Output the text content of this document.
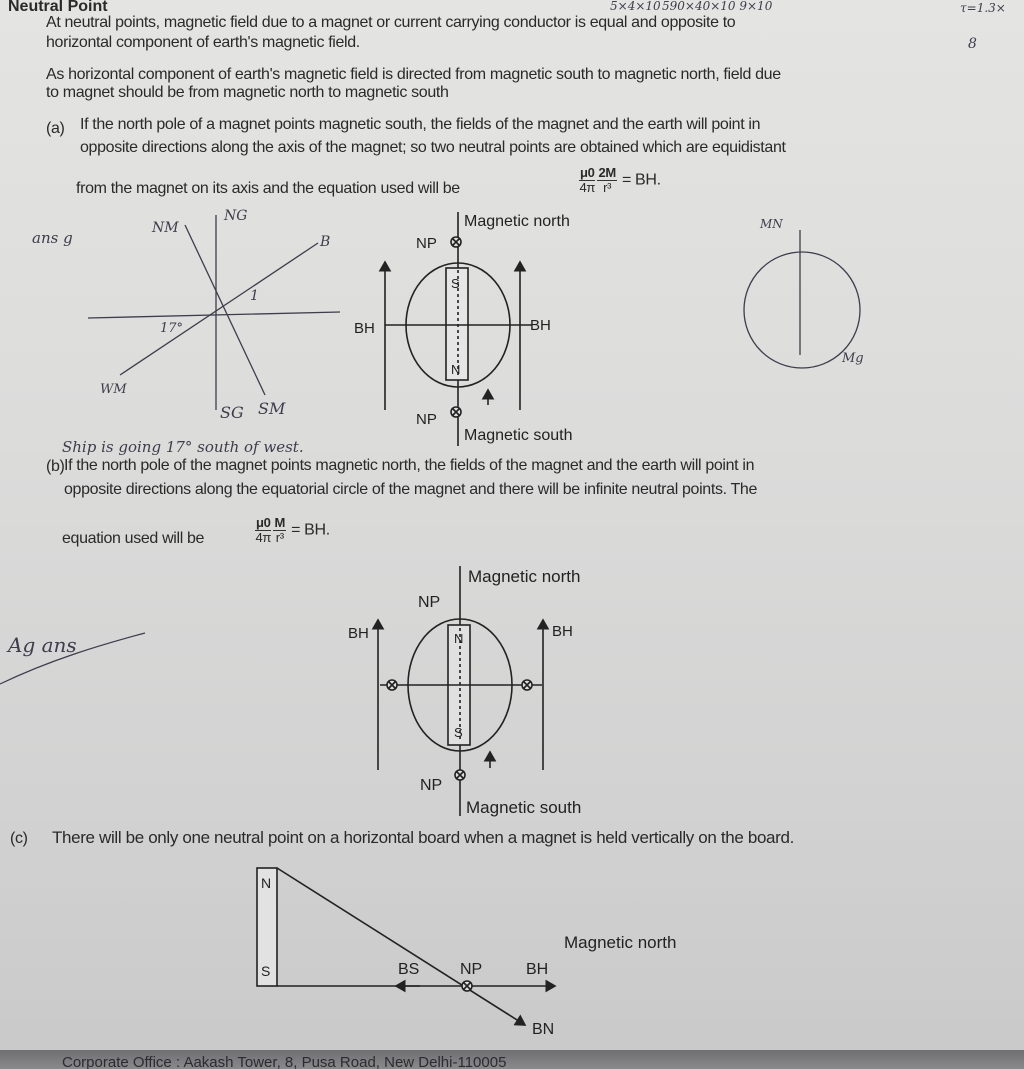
Neutral Point
At neutral points, magnetic field due to a magnet or current carrying conductor is equal and opposite to
horizontal component of earth's magnetic field.
As horizontal component of earth's magnetic field is directed from magnetic south to magnetic north, field due
to magnet should be from magnetic north to magnetic south
(a) If the north pole of a magnet points magnetic south, the fields of the magnet and the earth will point in
opposite directions along the axis of the magnet; so two neutral points are obtained which are equidistant
from the magnet on its axis and the equation used will be	$\frac{\mu 0}{4\pi} \frac{2M}{\text{r³}}$ = BH.
(b) If the north pole of the magnet points magnetic north, the fields of the magnet and the earth will point in
opposite directions along the equatorial circle of the magnet and there will be infinite neutral points. The
equation used will be	$\frac{\mu 0}{4\pi} \frac{M}{\text{r³}}$ = BH.
(c) There will be only one neutral point on a horizontal board when a magnet is held vertically on the board.
5×4×10 590×40×10 9×10	τ=1.3×
8
Magnetic north
Magnetic south
NP
NP
BH	BH
S
N
ans g
NM
NG
B
1
17°
WM
SG SM
Ship is going 17° south of west.
MN
Mg
Ag ans
Magnetic north
Magnetic south
NP
NP
BH	BH
N
S
N
S	BS	NP	BH
BN
Magnetic north
Corporate Office : Aakash Tower, 8, Pusa Road, New Delhi-110005
